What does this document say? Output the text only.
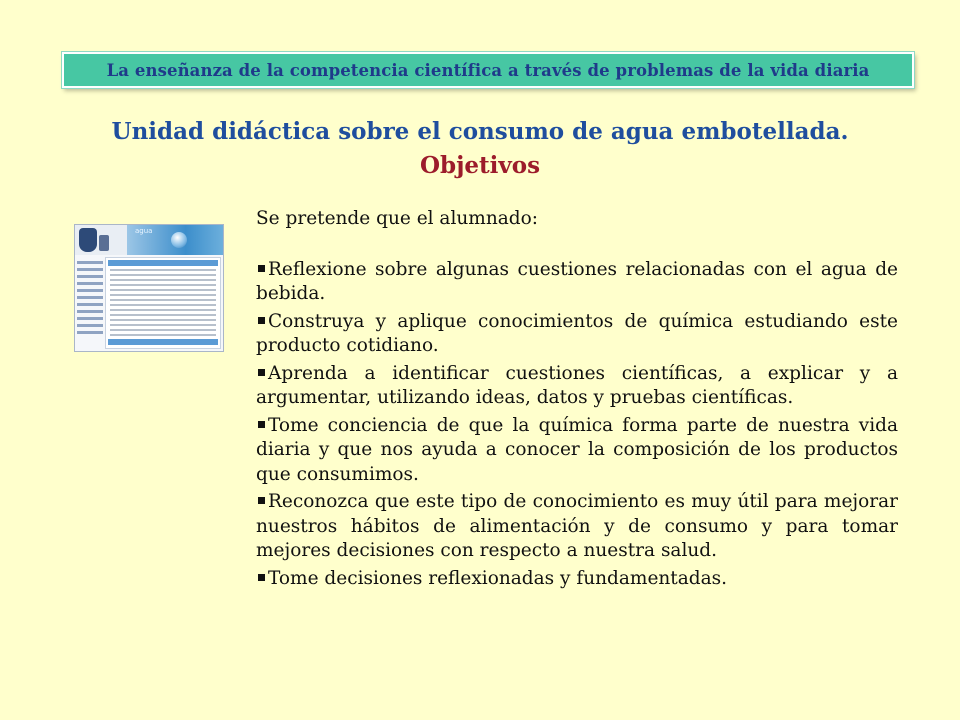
La enseñanza de la competencia científica a través de problemas de la vida diaria
Unidad didáctica sobre el consumo de agua embotellada.
Objetivos
agua

Se pretende que el alumnado:

Reflexione sobre algunas cuestiones relacionadas con el agua de bebida.

Construya y aplique conocimientos de química estudiando este producto cotidiano.

Aprenda a identificar cuestiones científicas, a explicar y a argumentar, utilizando ideas, datos y pruebas científicas.

Tome conciencia de que la química forma parte de nuestra vida diaria y que nos ayuda a conocer la composición de los productos que consumimos.

Reconozca que este tipo de conocimiento es muy útil para mejorar nuestros hábitos de alimentación y de consumo y para tomar mejores decisiones con respecto a nuestra salud.

Tome decisiones reflexionadas y fundamentadas.
